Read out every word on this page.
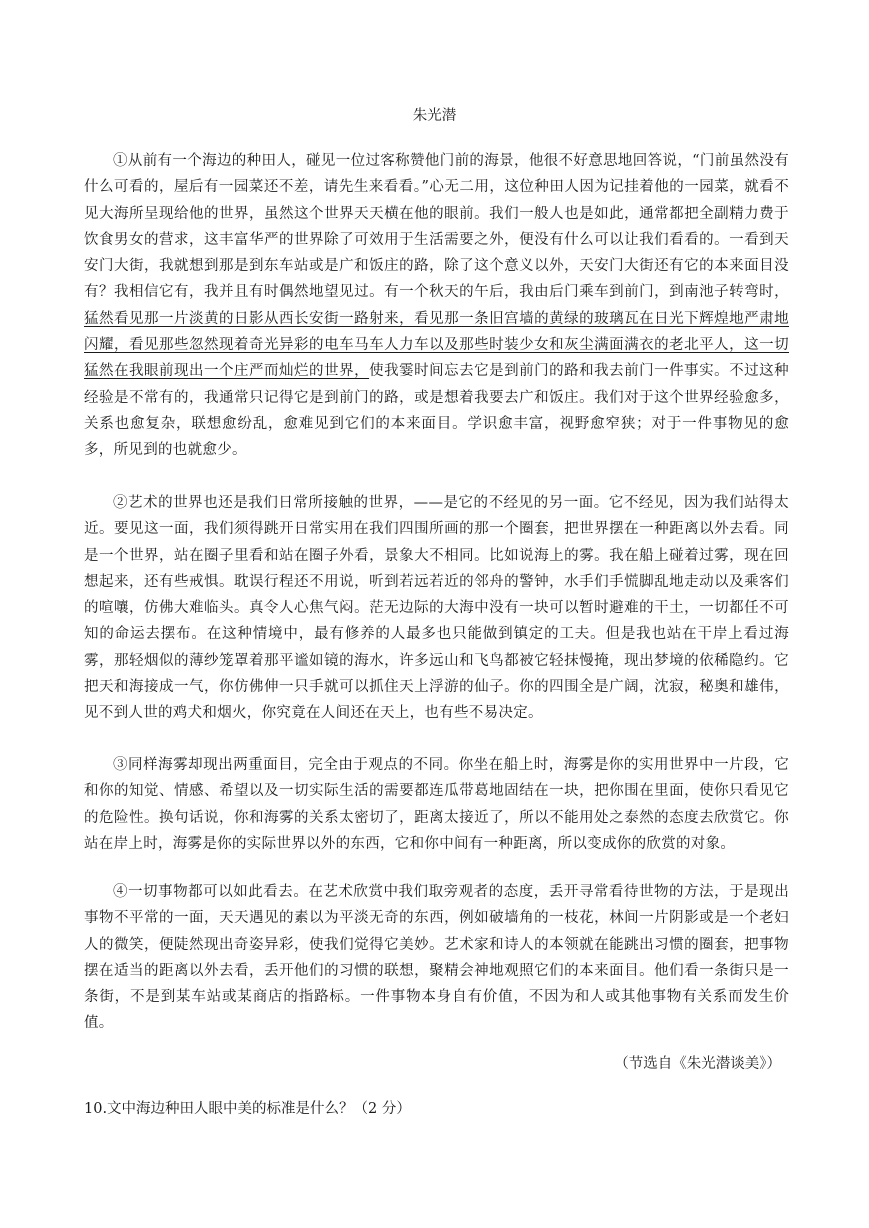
朱光潜

①从前有一个海边的种田人，碰见一位过客称赞他门前的海景，他很不好意思地回答说，“门前虽然没有什么可看的，屋后有一园菜还不差，请先生来看看。”心无二用，这位种田人因为记挂着他的一园菜，就看不见大海所呈现给他的世界，虽然这个世界天天横在他的眼前。我们一般人也是如此，通常都把全副精力费于饮食男女的营求，这丰富华严的世界除了可效用于生活需要之外，便没有什么可以让我们看看的。一看到天安门大街，我就想到那是到东车站或是广和饭庄的路，除了这个意义以外，天安门大街还有它的本来面目没有？我相信它有，我并且有时偶然地望见过。有一个秋天的午后，我由后门乘车到前门，到南池子转弯时，猛然看见那一片淡黄的日影从西长安街一路射来，看见那一条旧宫墙的黄绿的玻璃瓦在日光下辉煌地严肃地闪耀，看见那些忽然现着奇光异彩的电车马车人力车以及那些时装少女和灰尘满面满衣的老北平人，这一切猛然在我眼前现出一个庄严而灿烂的世界，使我霎时间忘去它是到前门的路和我去前门一件事实。不过这种经验是不常有的，我通常只记得它是到前门的路，或是想着我要去广和饭庄。我们对于这个世界经验愈多，关系也愈复杂，联想愈纷乱，愈难见到它们的本来面目。学识愈丰富，视野愈窄狭；对于一件事物见的愈多，所见到的也就愈少。

②艺术的世界也还是我们日常所接触的世界，——是它的不经见的另一面。它不经见，因为我们站得太近。要见这一面，我们须得跳开日常实用在我们四围所画的那一个圈套，把世界摆在一种距离以外去看。同是一个世界，站在圈子里看和站在圈子外看，景象大不相同。比如说海上的雾。我在船上碰着过雾，现在回想起来，还有些戒惧。耽误行程还不用说，听到若远若近的邻舟的警钟，水手们手慌脚乱地走动以及乘客们的喧嚷，仿佛大难临头。真令人心焦气闷。茫无边际的大海中没有一块可以暂时避难的干土，一切都任不可知的命运去摆布。在这种情境中，最有修养的人最多也只能做到镇定的工夫。但是我也站在干岸上看过海雾，那轻烟似的薄纱笼罩着那平谧如镜的海水，许多远山和飞鸟都被它轻抹慢掩，现出梦境的依稀隐约。它把天和海接成一气，你仿佛伸一只手就可以抓住天上浮游的仙子。你的四围全是广阔，沈寂，秘奥和雄伟，见不到人世的鸡犬和烟火，你究竟在人间还在天上，也有些不易决定。

③同样海雾却现出两重面目，完全由于观点的不同。你坐在船上时，海雾是你的实用世界中一片段，它和你的知觉、情感、希望以及一切实际生活的需要都连瓜带葛地固结在一块，把你围在里面，使你只看见它的危险性。换句话说，你和海雾的关系太密切了，距离太接近了，所以不能用处之泰然的态度去欣赏它。你站在岸上时，海雾是你的实际世界以外的东西，它和你中间有一种距离，所以变成你的欣赏的对象。

④一切事物都可以如此看去。在艺术欣赏中我们取旁观者的态度，丢开寻常看待世物的方法，于是现出事物不平常的一面，天天遇见的素以为平淡无奇的东西，例如破墙角的一枝花，林间一片阴影或是一个老妇人的微笑，便陡然现出奇姿异彩，使我们觉得它美妙。艺术家和诗人的本领就在能跳出习惯的圈套，把事物摆在适当的距离以外去看，丢开他们的习惯的联想，聚精会神地观照它们的本来面目。他们看一条街只是一条街，不是到某车站或某商店的指路标。一件事物本身自有价值，不因为和人或其他事物有关系而发生价值。

（节选自《朱光潜谈美》）
10.文中海边种田人眼中美的标准是什么？（2 分）
